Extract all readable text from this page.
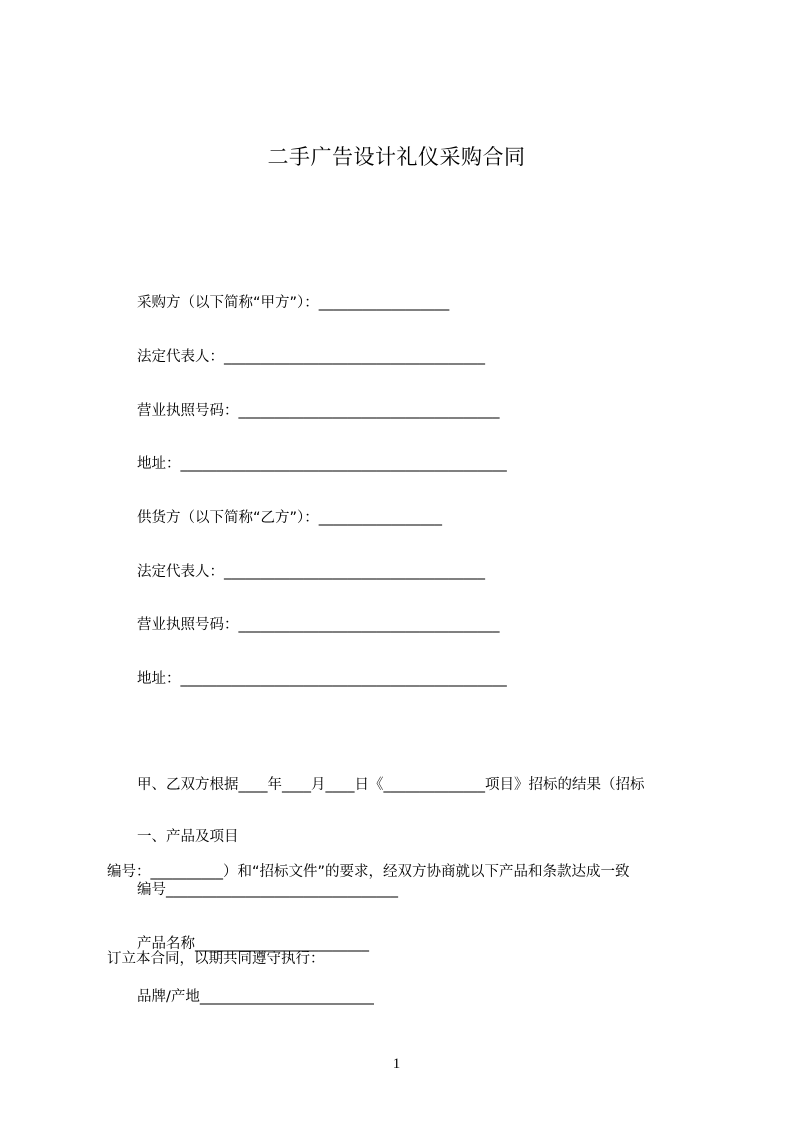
二手广告设计礼仪采购合同
采购方（以下简称“甲方”）：__________________
法定代表人：____________________________________
营业执照号码：____________________________________
地址：_____________________________________________
供货方（以下简称“乙方”）：_________________
法定代表人：____________________________________
营业执照号码：____________________________________
地址：_____________________________________________

甲、乙双方根据____年____月____日《______________项目》招标的结果（招标

编号：__________）和“招标文件”的要求，经双方协商就以下产品和条款达成一致

订立本合同，以期共同遵守执行：

一、产品及项目
编号________________________________
产品名称________________________
品牌/产地________________________
1
